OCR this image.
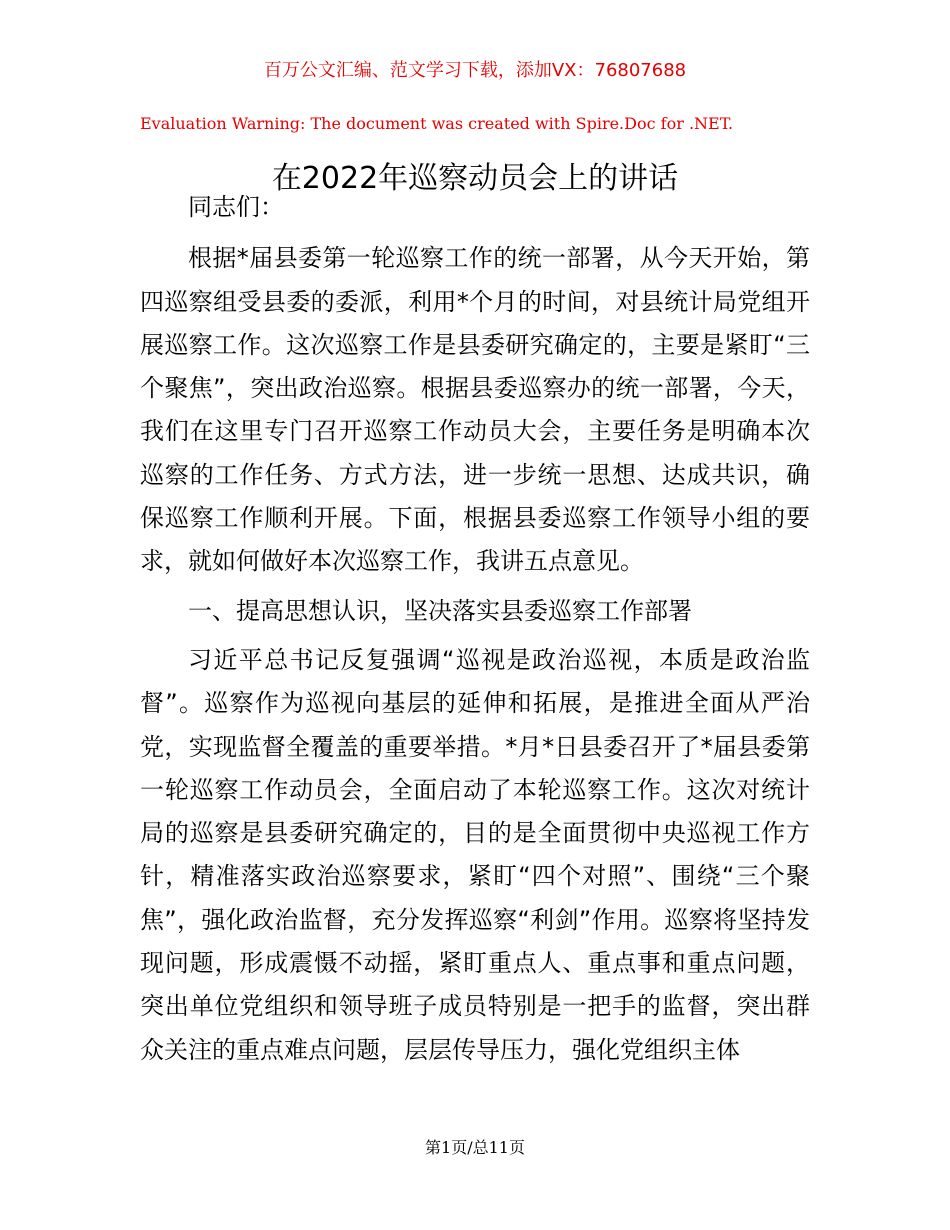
百万公文汇编、范文学习下载，添加VX：76807688
Evaluation Warning: The document was created with Spire.Doc for .NET.
在2022年巡察动员会上的讲话

同志们：

根据*届县委第一轮巡察工作的统一部署，从今天开始，第四巡察组受县委的委派，利用*个月的时间，对县统计局党组开展巡察工作。这次巡察工作是县委研究确定的，主要是紧盯“三个聚焦”，突出政治巡察。根据县委巡察办的统一部署，今天，我们在这里专门召开巡察工作动员大会，主要任务是明确本次巡察的工作任务、方式方法，进一步统一思想、达成共识，确保巡察工作顺利开展。下面，根据县委巡察工作领导小组的要求，就如何做好本次巡察工作，我讲五点意见。

一、提高思想认识，坚决落实县委巡察工作部署

习近平总书记反复强调“巡视是政治巡视，本质是政治监督”。巡察作为巡视向基层的延伸和拓展，是推进全面从严治党，实现监督全覆盖的重要举措。*月*日县委召开了*届县委第一轮巡察工作动员会，全面启动了本轮巡察工作。这次对统计局的巡察是县委研究确定的，目的是全面贯彻中央巡视工作方针，精准落实政治巡察要求，紧盯“四个对照”、围绕“三个聚焦”，强化政治监督，充分发挥巡察“利剑”作用。巡察将坚持发现问题，形成震慑不动摇，紧盯重点人、重点事和重点问题，突出单位党组织和领导班子成员特别是一把手的监督，突出群众关注的重点难点问题，层层传导压力，强化党组织主体

第1页/总11页
